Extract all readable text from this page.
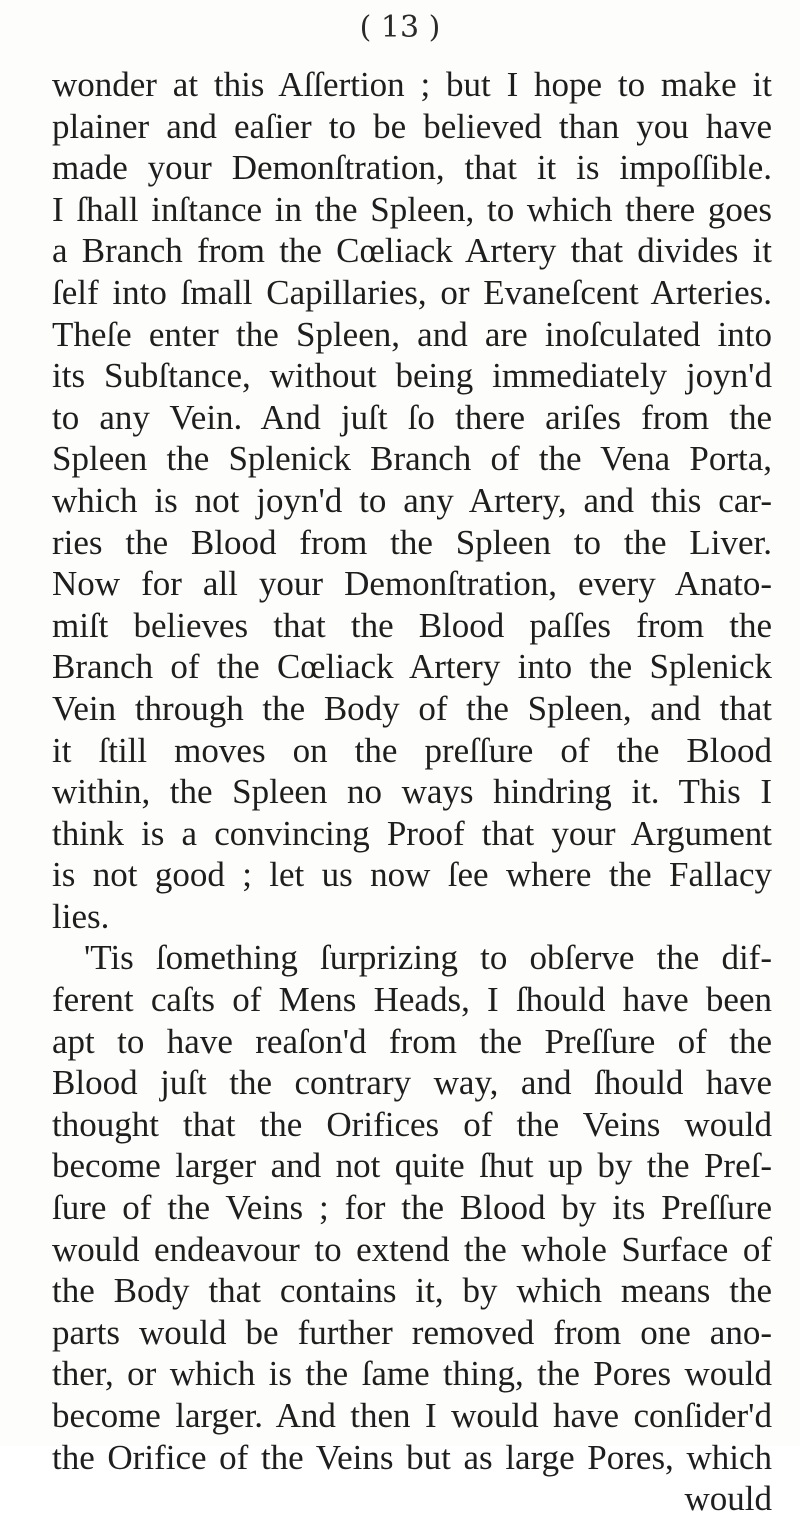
( 13 )
wonder at this Aſſertion ; but I hope to make it
plainer and eaſier to be believed than you have
made your Demonſtration, that it is impoſſible.
I ſhall inſtance in the Spleen, to which there goes
a Branch from the Cœliack Artery that divides it
ſelf into ſmall Capillaries, or Evaneſcent Arteries.
Theſe enter the Spleen, and are inoſculated into
its Subſtance, without being immediately joyn'd
to any Vein. And juſt ſo there ariſes from the
Spleen the Splenick Branch of the Vena Porta,
which is not joyn'd to any Artery, and this car-
ries the Blood from the Spleen to the Liver.
Now for all your Demonſtration, every Anato-
miſt believes that the Blood paſſes from the
Branch of the Cœliack Artery into the Splenick
Vein through the Body of the Spleen, and that
it ſtill moves on the preſſure of the Blood
within, the Spleen no ways hindring it. This I
think is a convincing Proof that your Argument
is not good ; let us now ſee where the Fallacy
lies.
'Tis ſomething ſurprizing to obſerve the dif-
ferent caſts of Mens Heads, I ſhould have been
apt to have reaſon'd from the Preſſure of the
Blood juſt the contrary way, and ſhould have
thought that the Orifices of the Veins would
become larger and not quite ſhut up by the Preſ-
ſure of the Veins ; for the Blood by its Preſſure
would endeavour to extend the whole Surface of
the Body that contains it, by which means the
parts would be further removed from one ano-
ther, or which is the ſame thing, the Pores would
become larger. And then I would have conſider'd
the Orifice of the Veins but as large Pores, which
would
